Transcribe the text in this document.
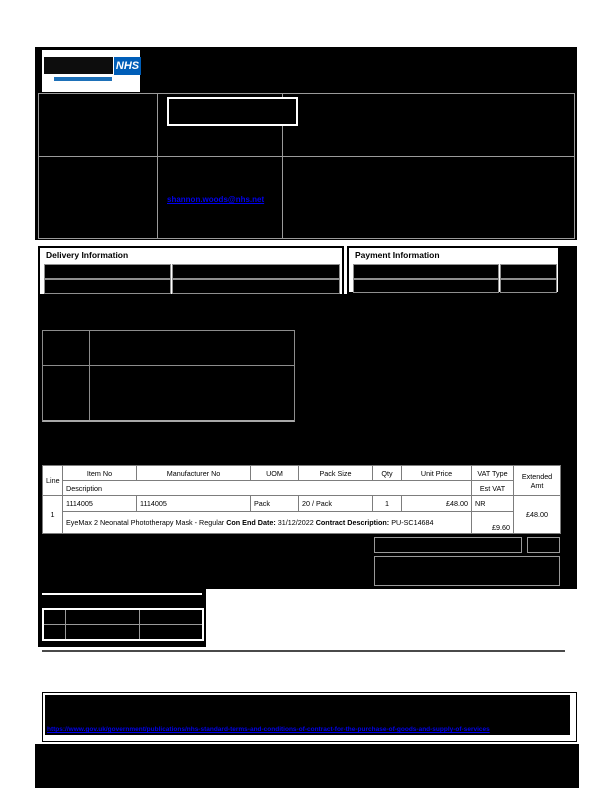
NHS
shannon.woods@nhs.net
Delivery Information	Payment Information
Line	Item No	Manufacturer No	UOM	Pack Size	Qty	Unit Price	VAT Type	Extended Amt
	Description						Est VAT	
1	1114005	1114005	Pack	20 / Pack	1	£48.00	NR	£48.00
	EyeMax 2 Neonatal Phototherapy Mask - Regular Con End Date: 31/12/2022 Contract Description: PU-SC14684						£9.60	

https://www.gov.uk/government/publications/nhs-standard-terms-and-conditions-of-contract-for-the-purchase-of-goods-and-supply-of-services
